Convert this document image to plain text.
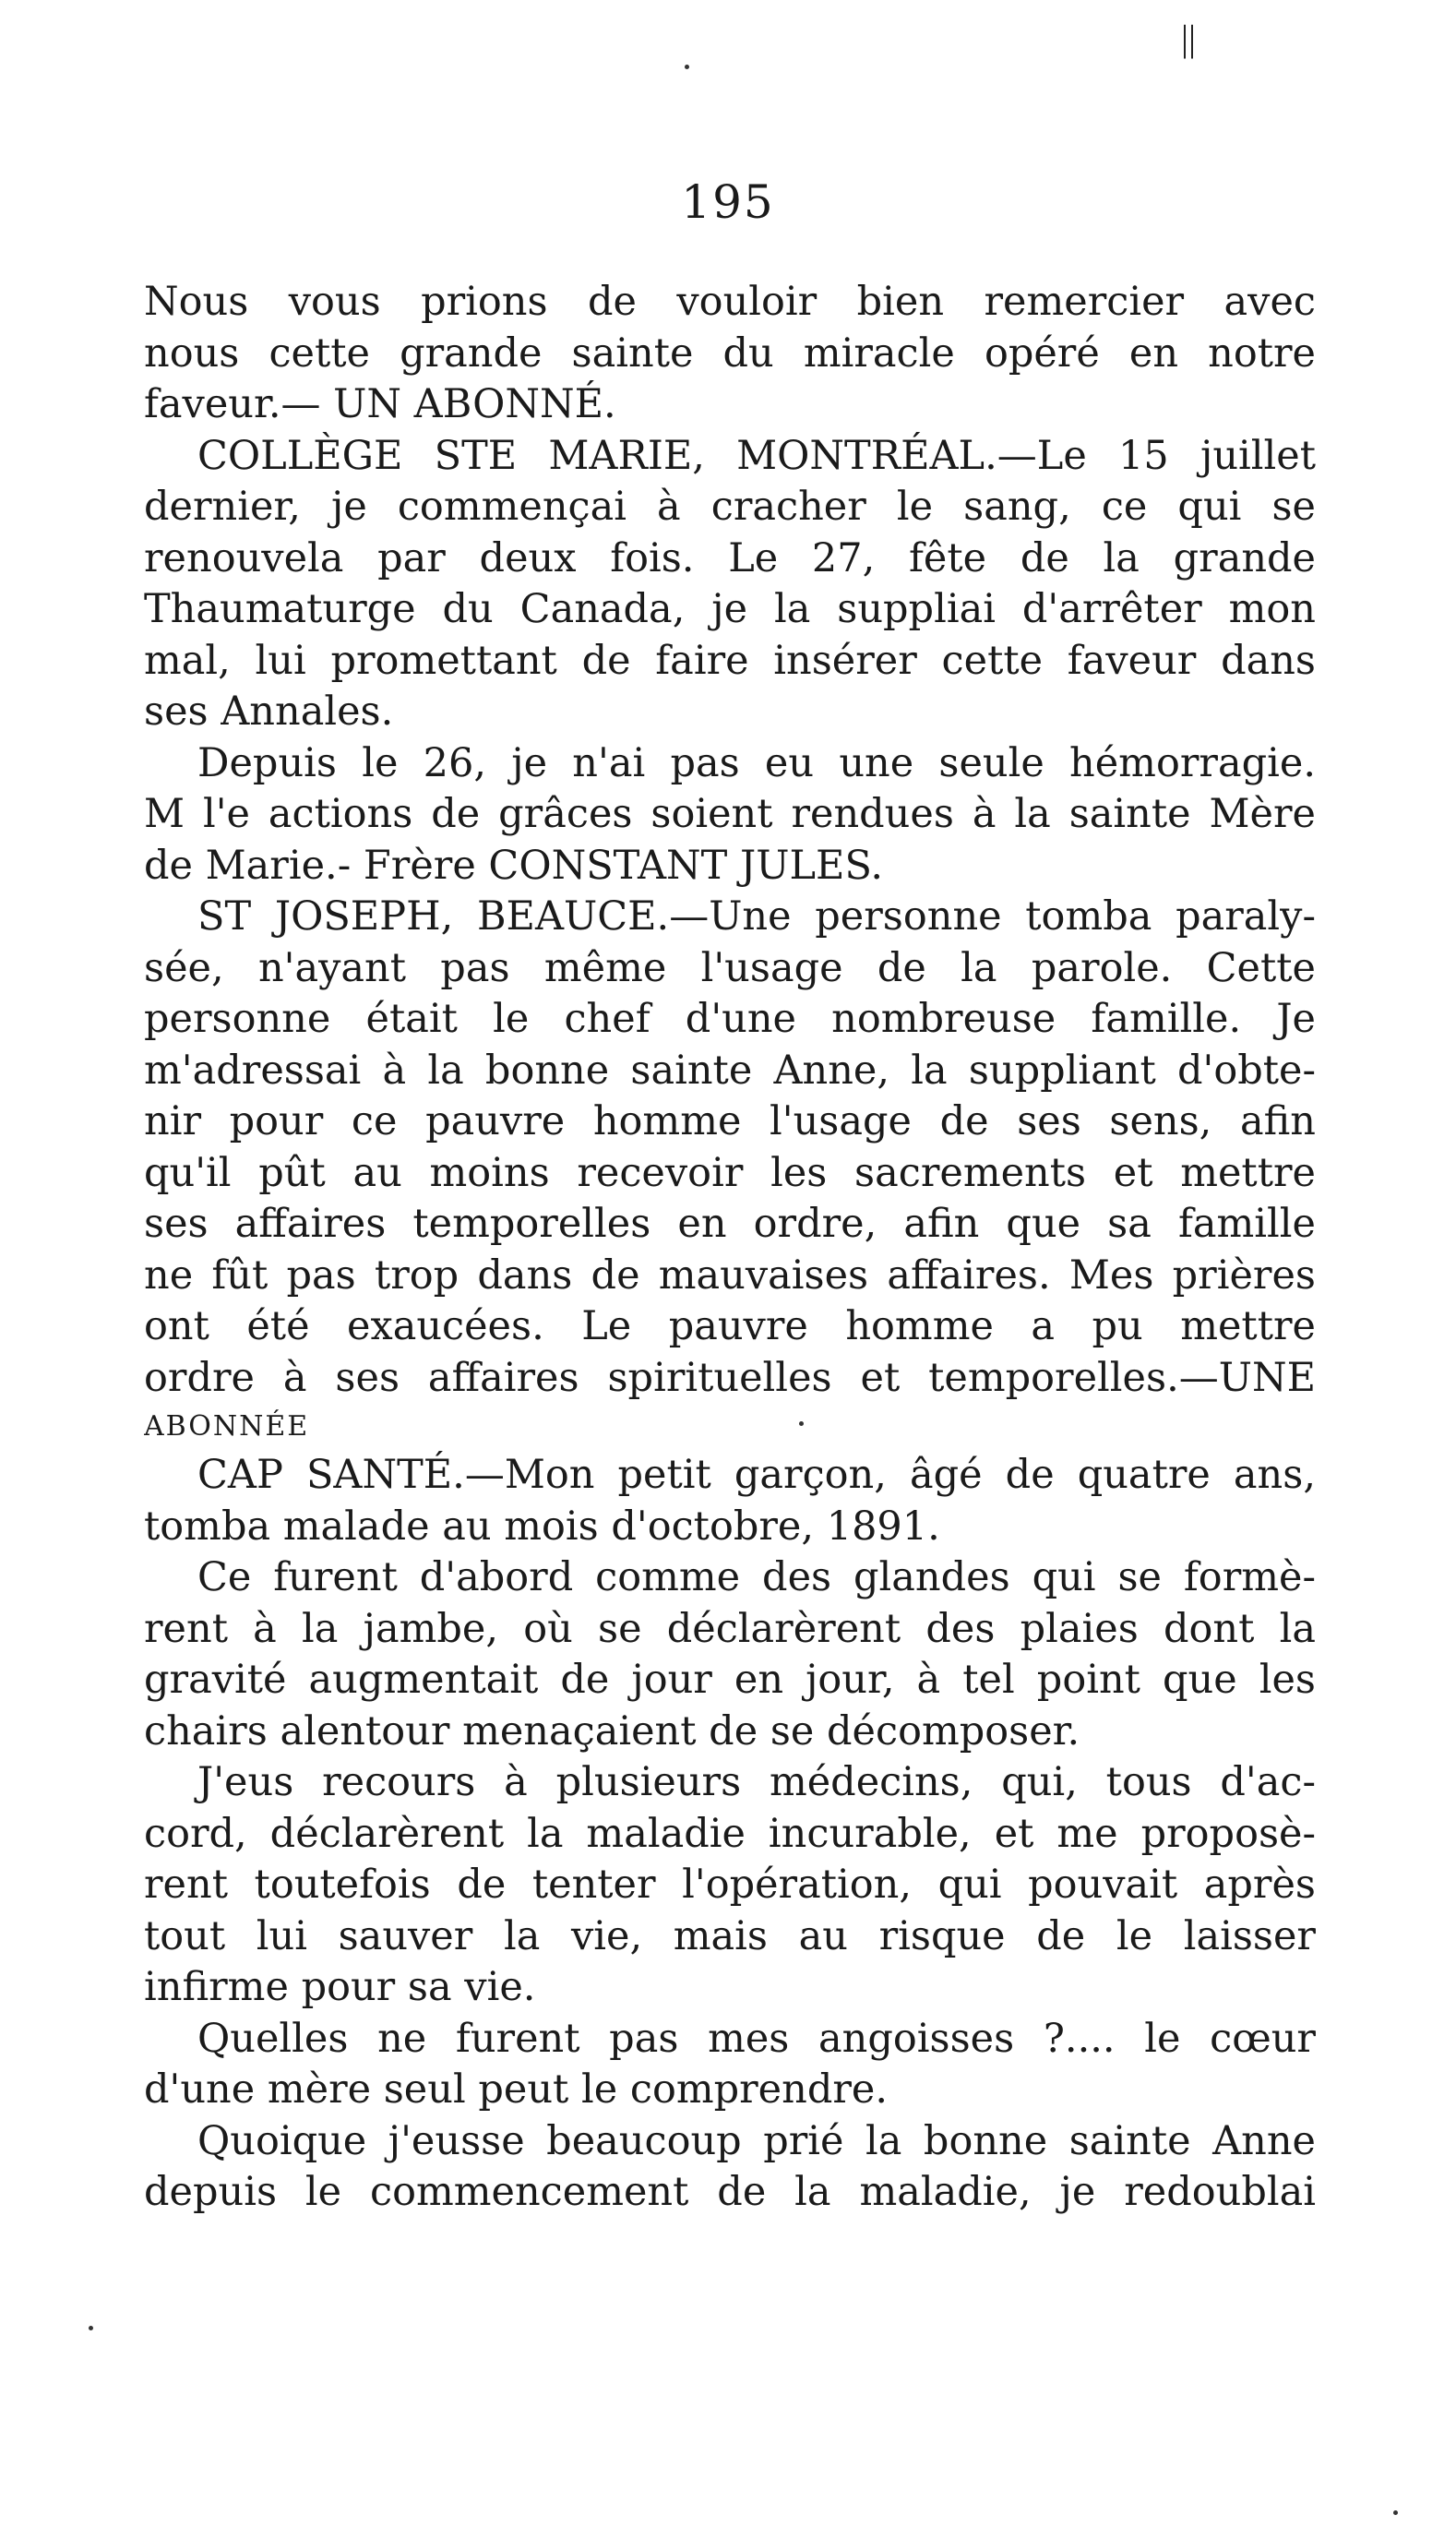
||
195
Nous vous prions de vouloir bien remercier avec
nous cette grande sainte du miracle opéré en notre
faveur.— UN ABONNÉ.
COLLÈGE STE MARIE, MONTRÉAL.—Le 15 juillet
dernier, je commençai à cracher le sang, ce qui se
renouvela par deux fois. Le 27, fête de la grande
Thaumaturge du Canada, je la suppliai d'arrêter mon
mal, lui promettant de faire insérer cette faveur dans
ses Annales.
Depuis le 26, je n'ai pas eu une seule hémorragie.
M l'e actions de grâces soient rendues à la sainte Mère
de Marie.- Frère CONSTANT JULES.
ST JOSEPH, BEAUCE.—Une personne tomba paraly-
sée, n'ayant pas même l'usage de la parole. Cette
personne était le chef d'une nombreuse famille. Je
m'adressai à la bonne sainte Anne, la suppliant d'obte-
nir pour ce pauvre homme l'usage de ses sens, afin
qu'il pût au moins recevoir les sacrements et mettre
ses affaires temporelles en ordre, afin que sa famille
ne fût pas trop dans de mauvaises affaires. Mes prières
ont été exaucées. Le pauvre homme a pu mettre
ordre à ses affaires spirituelles et temporelles.—UNE
ABONNÉE
CAP SANTÉ.—Mon petit garçon, âgé de quatre ans,
tomba malade au mois d'octobre, 1891.
Ce furent d'abord comme des glandes qui se formè-
rent à la jambe, où se déclarèrent des plaies dont la
gravité augmentait de jour en jour, à tel point que les
chairs alentour menaçaient de se décomposer.
J'eus recours à plusieurs médecins, qui, tous d'ac-
cord, déclarèrent la maladie incurable, et me proposè-
rent toutefois de tenter l'opération, qui pouvait après
tout lui sauver la vie, mais au risque de le laisser
infirme pour sa vie.
Quelles ne furent pas mes angoisses ?.... le cœur
d'une mère seul peut le comprendre.
Quoique j'eusse beaucoup prié la bonne sainte Anne
depuis le commencement de la maladie, je redoublai
